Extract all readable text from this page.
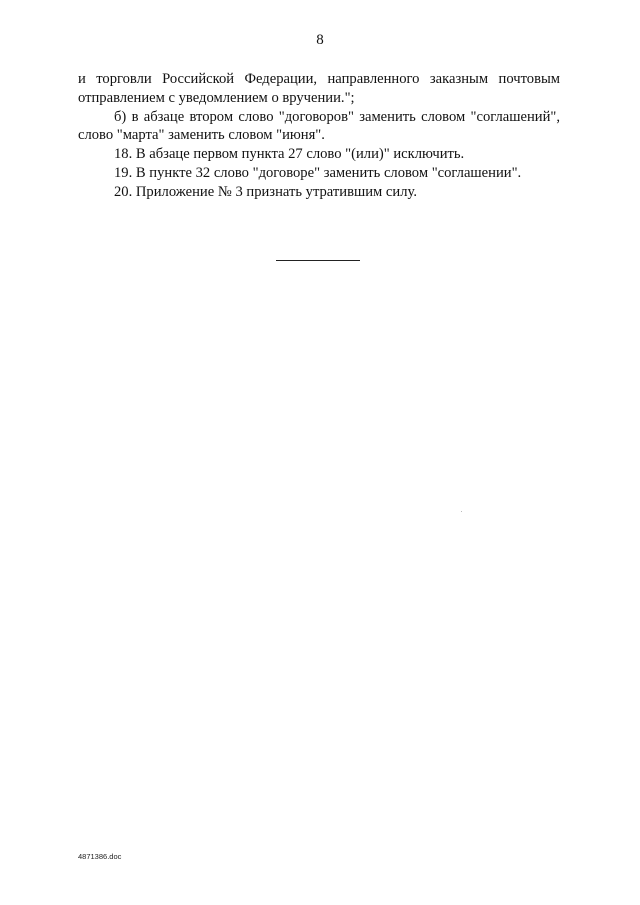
8

и торговли Российской Федерации, направленного заказным почтовым
отправлением с уведомлением о вручении.";

б) в абзаце втором слово "договоров" заменить словом "соглашений",
слово "марта" заменить словом "июня".

18. В абзаце первом пункта 27 слово "(или)" исключить.

19. В пункте 32 слово "договоре" заменить словом "соглашении".

20. Приложение № 3 признать утратившим силу.

4871386.doc
